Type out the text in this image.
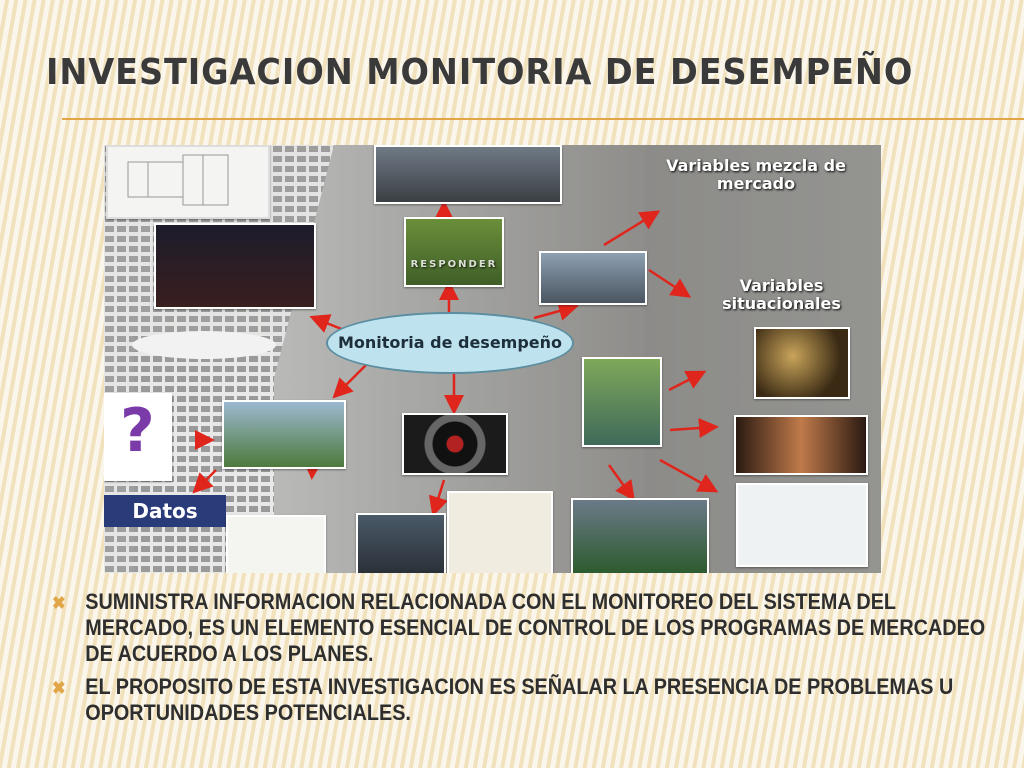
INVESTIGACION MONITORIA DE DESEMPEÑO
RESPONDER
?
Datos
Monitoria de desempeño
Variables mezcla de mercado
Variables situacionales
✖ SUMINISTRA INFORMACION RELACIONADA CON EL MONITOREO DEL SISTEMA DEL MERCADO, ES UN ELEMENTO ESENCIAL DE CONTROL DE LOS PROGRAMAS DE MERCADEO DE ACUERDO A LOS PLANES.
✖ EL PROPOSITO DE ESTA INVESTIGACION ES SEÑALAR LA PRESENCIA DE PROBLEMAS U OPORTUNIDADES POTENCIALES.
